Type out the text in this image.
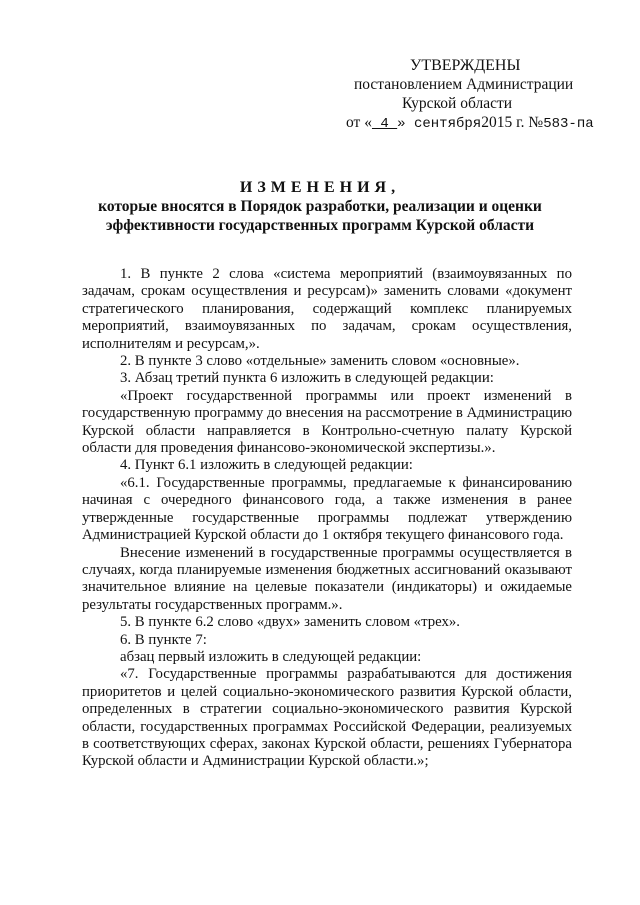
УТВЕРЖДЕНЫ
постановлением Администрации
Курской области
от « 4 » сентября2015 г. №583-па
ИЗМЕНЕНИЯ,
которые вносятся в Порядок разработки, реализации и оценки
эффективности государственных программ Курской области

1. В пункте 2 слова «система мероприятий (взаимоувязанных по задачам, срокам осуществления и ресурсам)» заменить словами «документ стратегического планирования, содержащий комплекс планируемых мероприятий, взаимоувязанных по задачам, срокам осуществления, исполнителям и ресурсам,».

2. В пункте 3 слово «отдельные» заменить словом «основные».

3. Абзац третий пункта 6 изложить в следующей редакции:

«Проект государственной программы или проект изменений в государственную программу до внесения на рассмотрение в Администрацию Курской области направляется в Контрольно-счетную палату Курской области для проведения финансово-экономической экспертизы.».

4. Пункт 6.1 изложить в следующей редакции:

«6.1. Государственные программы, предлагаемые к финансированию начиная с очередного финансового года, а также изменения в ранее утвержденные государственные программы подлежат утверждению Администрацией Курской области до 1 октября текущего финансового года.

Внесение изменений в государственные программы осуществляется в случаях, когда планируемые изменения бюджетных ассигнований оказывают значительное влияние на целевые показатели (индикаторы) и ожидаемые результаты государственных программ.».

5. В пункте 6.2 слово «двух» заменить словом «трех».

6. В пункте 7:

абзац первый изложить в следующей редакции:

«7. Государственные программы разрабатываются для достижения приоритетов и целей социально-экономического развития Курской области, определенных в стратегии социально-экономического развития Курской области, государственных программах Российской Федерации, реализуемых в соответствующих сферах, законах Курской области, решениях Губернатора Курской области и Администрации Курской области.»;
